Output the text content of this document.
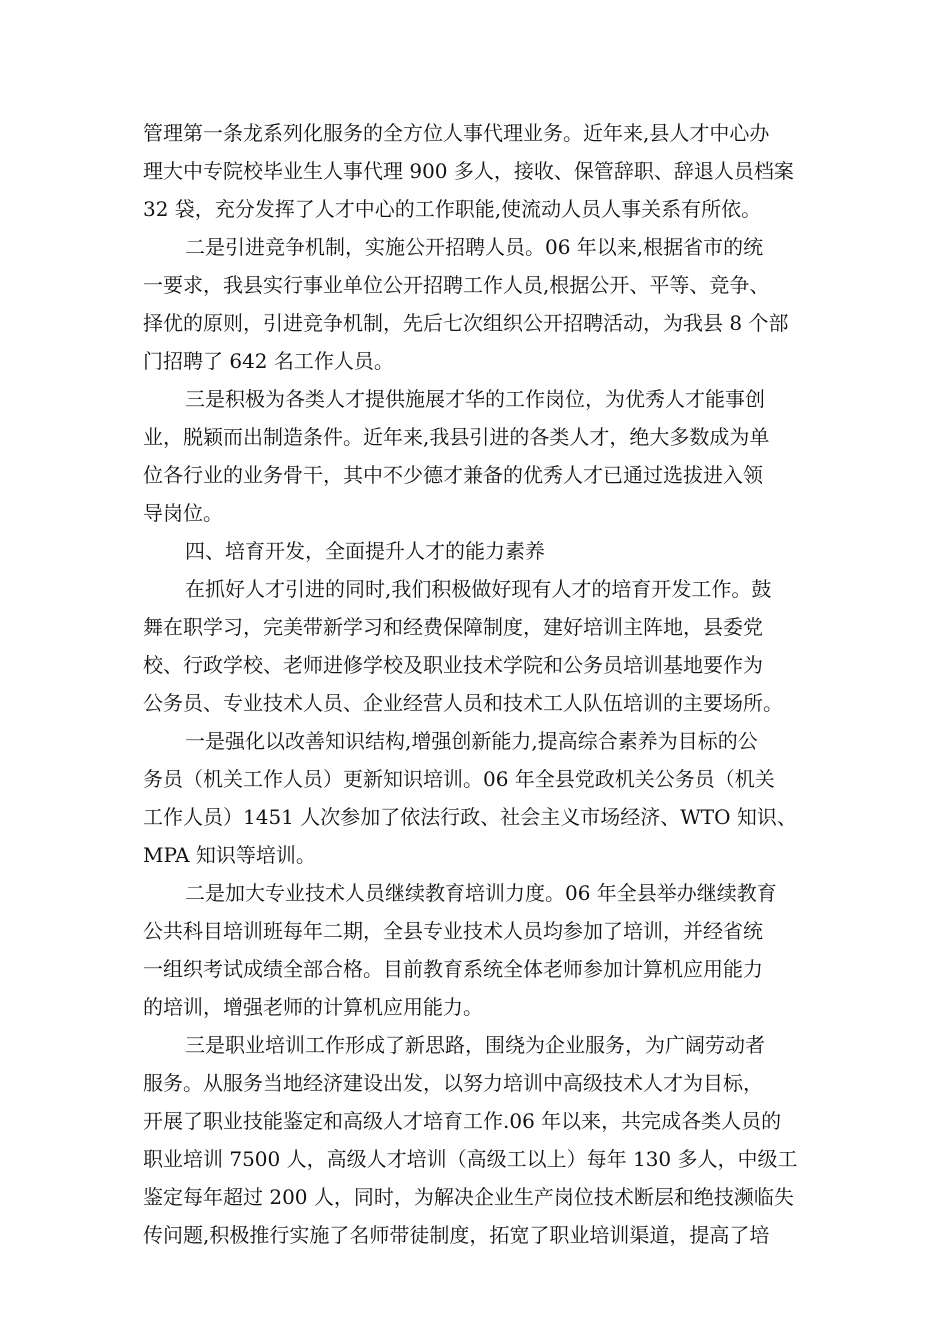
管理第一条龙系列化服务的全方位人事代理业务。近年来,县人才中心办
理大中专院校毕业生人事代理 900 多人，接收、保管辞职、辞退人员档案
32 袋，充分发挥了人才中心的工作职能,使流动人员人事关系有所依。
二是引进竞争机制，实施公开招聘人员。06 年以来,根据省市的统
一要求，我县实行事业单位公开招聘工作人员,根据公开、平等、竞争、
择优的原则，引进竞争机制，先后七次组织公开招聘活动，为我县 8 个部
门招聘了 642 名工作人员。
三是积极为各类人才提供施展才华的工作岗位，为优秀人才能事创
业，脱颖而出制造条件。近年来,我县引进的各类人才，绝大多数成为单
位各行业的业务骨干，其中不少德才兼备的优秀人才已通过选拔进入领
导岗位。
四、培育开发，全面提升人才的能力素养
在抓好人才引进的同时,我们积极做好现有人才的培育开发工作。鼓
舞在职学习，完美带新学习和经费保障制度，建好培训主阵地，县委党
校、行政学校、老师进修学校及职业技术学院和公务员培训基地要作为
公务员、专业技术人员、企业经营人员和技术工人队伍培训的主要场所。
一是强化以改善知识结构,增强创新能力,提高综合素养为目标的公
务员（机关工作人员）更新知识培训。06 年全县党政机关公务员（机关
工作人员）1451 人次参加了依法行政、社会主义市场经济、WTO 知识、
MPA 知识等培训。
二是加大专业技术人员继续教育培训力度。06 年全县举办继续教育
公共科目培训班每年二期，全县专业技术人员均参加了培训，并经省统
一组织考试成绩全部合格。目前教育系统全体老师参加计算机应用能力
的培训，增强老师的计算机应用能力。
三是职业培训工作形成了新思路，围绕为企业服务，为广阔劳动者
服务。从服务当地经济建设出发，以努力培训中高级技术人才为目标，
开展了职业技能鉴定和高级人才培育工作.06 年以来，共完成各类人员的
职业培训 7500 人，高级人才培训（高级工以上）每年 130 多人，中级工
鉴定每年超过 200 人，同时，为解决企业生产岗位技术断层和绝技濒临失
传问题,积极推行实施了名师带徒制度，拓宽了职业培训渠道，提高了培
